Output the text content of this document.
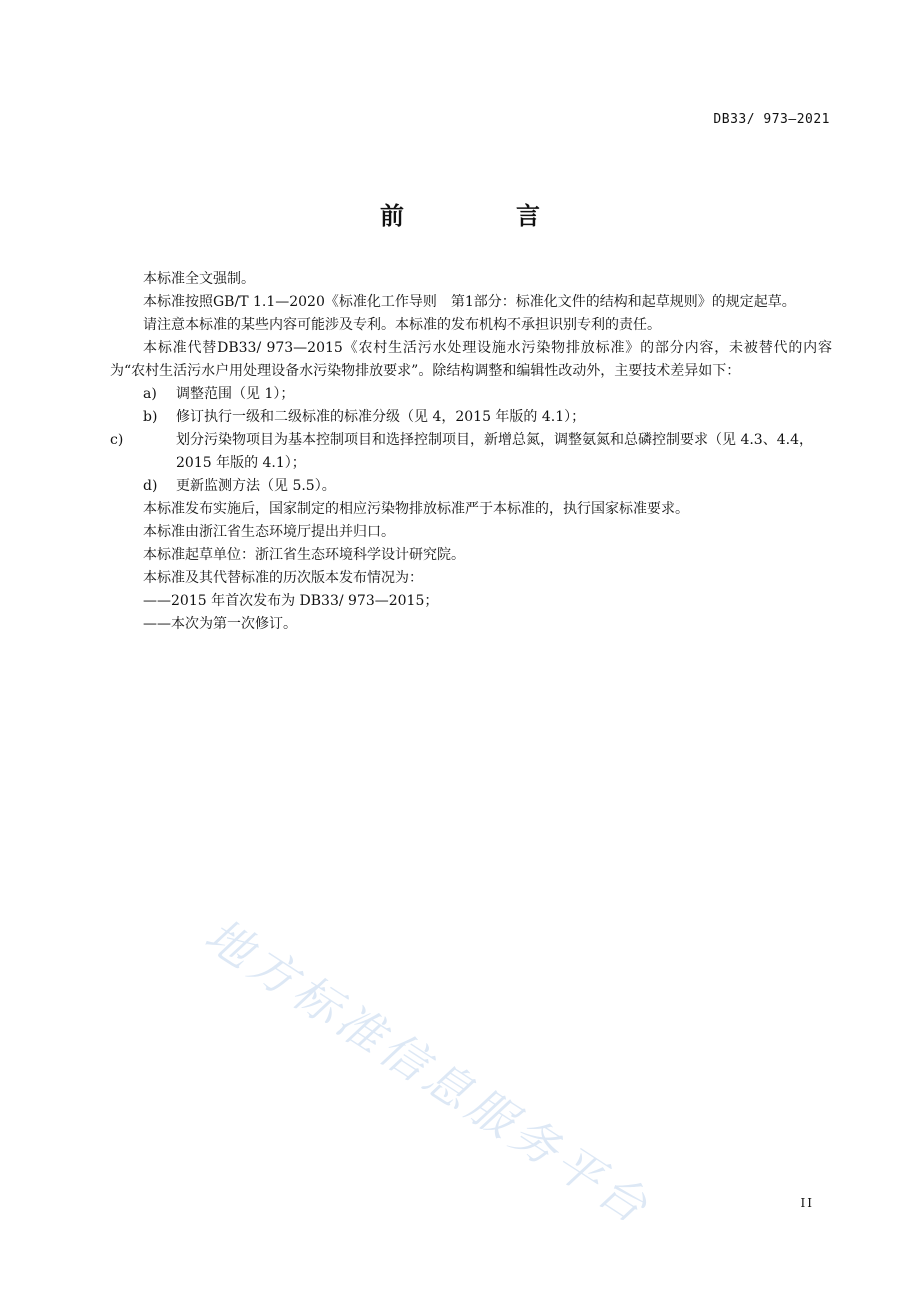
DB33/ 973—2021
前　言

本标准全文强制。

本标准按照GB/T 1.1—2020《标准化工作导则　第1部分：标准化文件的结构和起草规则》的规定起草。

请注意本标准的某些内容可能涉及专利。本标准的发布机构不承担识别专利的责任。

本标准代替DB33/ 973—2015《农村生活污水处理设施水污染物排放标准》的部分内容，未被替代的内容为“农村生活污水户用处理设备水污染物排放要求”。除结构调整和编辑性改动外，主要技术差异如下：

a) 调整范围（见 1）；

b) 修订执行一级和二级标准的标准分级（见 4，2015 年版的 4.1）；

c)	划分污染物项目为基本控制项目和选择控制项目，新增总氮，调整氨氮和总磷控制要求（见 4.3、4.4，2015 年版的 4.1）；

d) 更新监测方法（见 5.5）。

本标准发布实施后，国家制定的相应污染物排放标准严于本标准的，执行国家标准要求。

本标准由浙江省生态环境厅提出并归口。

本标准起草单位：浙江省生态环境科学设计研究院。

本标准及其代替标准的历次版本发布情况为：

——2015 年首次发布为 DB33/ 973—2015；

——本次为第一次修订。

地方标准信息服务平台	II
